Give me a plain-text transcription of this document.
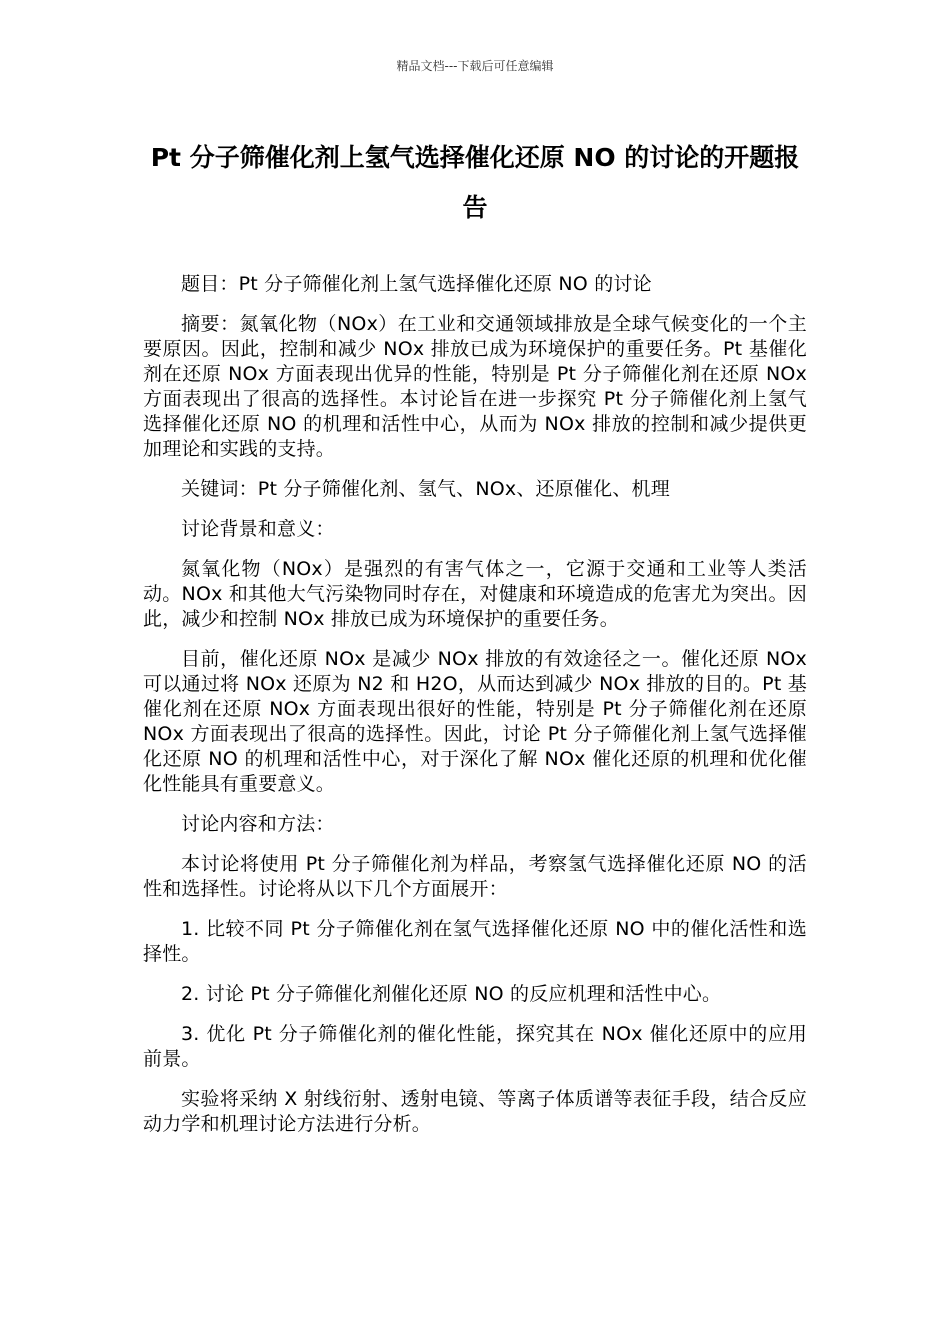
精品文档---下载后可任意编辑
Pt 分子筛催化剂上氢气选择催化还原 NO 的讨论的开题报告

题目：Pt 分子筛催化剂上氢气选择催化还原 NO 的讨论

摘要：氮氧化物（NOx）在工业和交通领域排放是全球气候变化的一个主要原因。因此，控制和减少 NOx 排放已成为环境保护的重要任务。Pt 基催化剂在还原 NOx 方面表现出优异的性能，特别是 Pt 分子筛催化剂在还原 NOx 方面表现出了很高的选择性。本讨论旨在进一步探究 Pt 分子筛催化剂上氢气选择催化还原 NO 的机理和活性中心，从而为 NOx 排放的控制和减少提供更加理论和实践的支持。

关键词：Pt 分子筛催化剂、氢气、NOx、还原催化、机理

讨论背景和意义：

氮氧化物（NOx）是强烈的有害气体之一，它源于交通和工业等人类活动。NOx 和其他大气污染物同时存在，对健康和环境造成的危害尤为突出。因此，减少和控制 NOx 排放已成为环境保护的重要任务。

目前，催化还原 NOx 是减少 NOx 排放的有效途径之一。催化还原 NOx 可以通过将 NOx 还原为 N2 和 H2O，从而达到减少 NOx 排放的目的。Pt 基催化剂在还原 NOx 方面表现出很好的性能，特别是 Pt 分子筛催化剂在还原 NOx 方面表现出了很高的选择性。因此，讨论 Pt 分子筛催化剂上氢气选择催化还原 NO 的机理和活性中心，对于深化了解 NOx 催化还原的机理和优化催化性能具有重要意义。

讨论内容和方法：

本讨论将使用 Pt 分子筛催化剂为样品，考察氢气选择催化还原 NO 的活性和选择性。讨论将从以下几个方面展开：

1. 比较不同 Pt 分子筛催化剂在氢气选择催化还原 NO 中的催化活性和选择性。

2. 讨论 Pt 分子筛催化剂催化还原 NO 的反应机理和活性中心。

3. 优化 Pt 分子筛催化剂的催化性能，探究其在 NOx 催化还原中的应用前景。

实验将采纳 X 射线衍射、透射电镜、等离子体质谱等表征手段，结合反应动力学和机理讨论方法进行分析。
